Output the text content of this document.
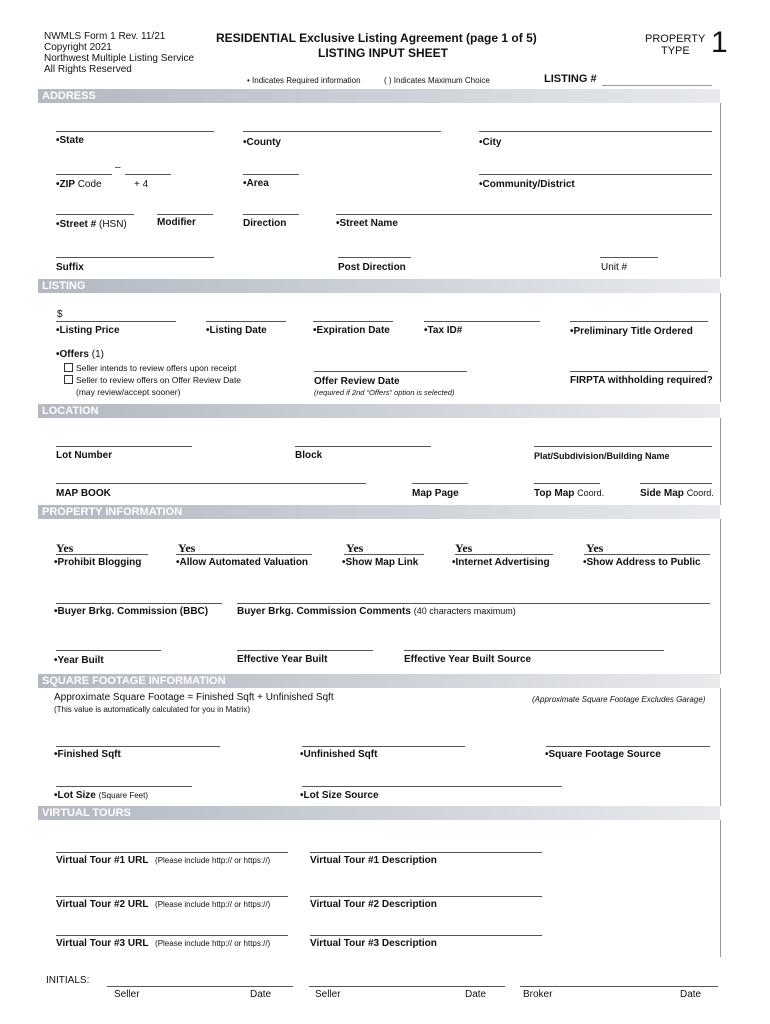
NWMLS Form 1 Rev. 11/21
Copyright 2021
Northwest Multiple Listing Service
All Rights Reserved
RESIDENTIAL Exclusive Listing Agreement (page 1 of 5)
LISTING INPUT SHEET
PROPERTY
TYPE 1
• Indicates Required information	( ) Indicates Maximum Choice	LISTING #
ADDRESS
• State	• County	• City
–
• ZIP Code	+ 4	• Area	• Community/District
• Street # (HSN)	Modifier	Direction	• Street Name
Suffix	Post Direction	Unit #
LISTING
$
• Listing Price	• Listing Date	• Expiration Date	• Tax ID#	• Preliminary Title Ordered
• Offers (1)
Seller intends to review offers upon receipt
Seller to review offers on Offer Review Date
(may review/accept sooner)
Offer Review Date
(required if 2nd “Offers” option is selected)
FIRPTA withholding required?
LOCATION
Lot Number	Block	Plat/Subdivision/Building Name
MAP BOOK	Map Page	Top Map Coord.	Side Map Coord.
PROPERTY INFORMATION
Yes	Yes	Yes	Yes	Yes
• Prohibit Blogging	• Allow Automated Valuation	• Show Map Link	• Internet Advertising	• Show Address to Public
• Buyer Brkg. Commission (BBC)	Buyer Brkg. Commission Comments (40 characters maximum)
• Year Built	Effective Year Built	Effective Year Built Source
SQUARE FOOTAGE INFORMATION
Approximate Square Footage = Finished Sqft + Unfinished Sqft
(This value is automatically calculated for you in Matrix)
(Approximate Square Footage Excludes Garage)
• Finished Sqft	• Unfinished Sqft	• Square Footage Source
• Lot Size (Square Feet)	• Lot Size Source
VIRTUAL TOURS
Virtual Tour #1 URL (Please include http:// or https://)	Virtual Tour #1 Description
Virtual Tour #2 URL (Please include http:// or https://)	Virtual Tour #2 Description
Virtual Tour #3 URL (Please include http:// or https://)	Virtual Tour #3 Description
INITIALS:
Seller	Date	Seller	Date	Broker	Date
